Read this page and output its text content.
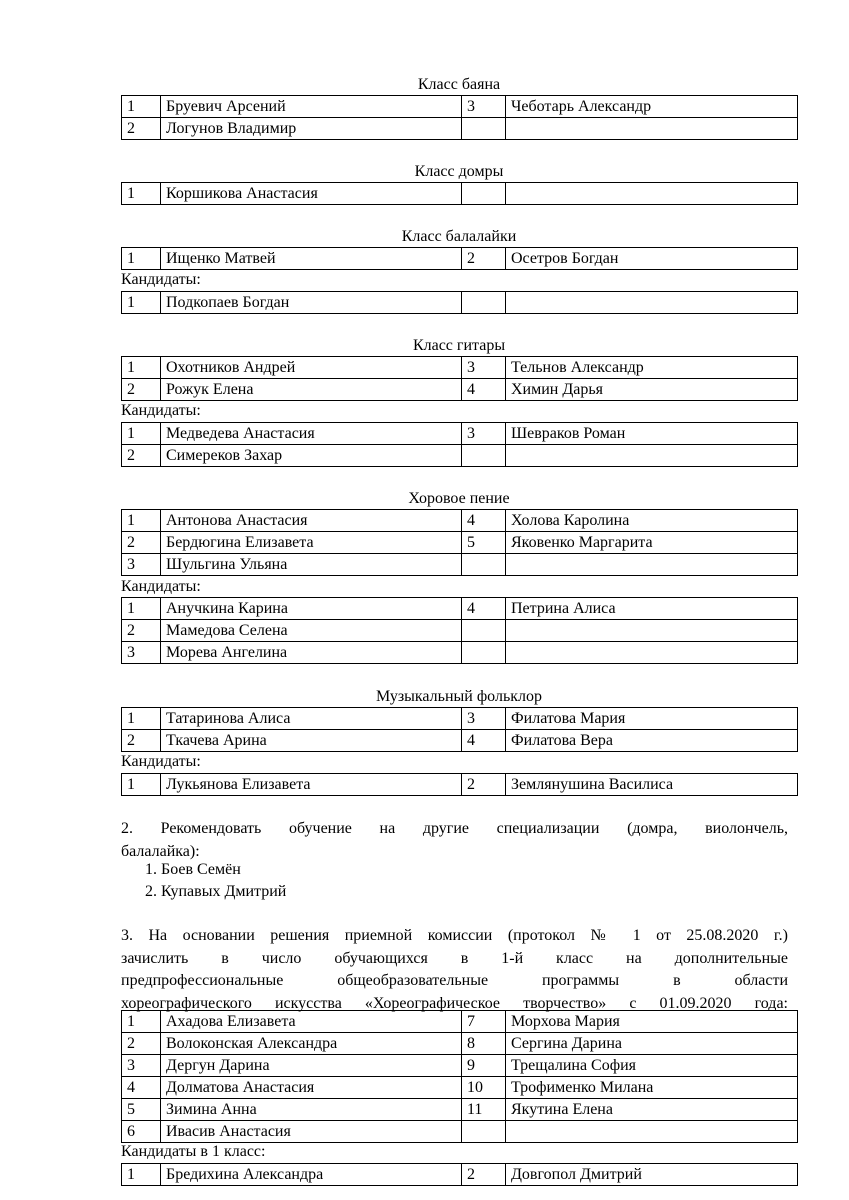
Класс баяна
1	Бруевич Арсений	3	Чеботарь Александр
2	Логунов Владимир		
Класс домры
1	Коршикова Анастасия		
Класс балалайки
1	Ищенко Матвей	2	Осетров Богдан
Кандидаты:
1	Подкопаев Богдан		
Класс гитары
1	Охотников Андрей	3	Тельнов Александр
2	Рожук Елена	4	Химин Дарья
Кандидаты:
1	Медведева Анастасия	3	Шевраков Роман
2	Симереков Захар		
Хоровое пение
1	Антонова Анастасия	4	Холова Каролина
2	Бердюгина Елизавета	5	Яковенко Маргарита
3	Шульгина Ульяна		
Кандидаты:
1	Анучкина Карина	4	Петрина Алиса
2	Мамедова Селена		
3	Морева Ангелина		
Музыкальный фольклор
1	Татаринова Алиса	3	Филатова Мария
2	Ткачева Арина	4	Филатова Вера
Кандидаты:
1	Лукьянова Елизавета	2	Землянушина Василиса
2. Рекомендовать обучение на другие специализации (домра, виолончель,
балалайка):
1. Боев Семён
2. Купавых Дмитрий
3. На основании решения приемной комиссии (протокол № 1 от 25.08.2020 г.)
зачислить в число обучающихся в 1-й класс на дополнительные
предпрофессиональные общеобразовательные программы в области
хореографического искусства «Хореографическое творчество» с 01.09.2020 года:
1	Ахадова Елизавета	7	Морхова Мария
2	Волоконская Александра	8	Сергина Дарина
3	Дергун Дарина	9	Трещалина София
4	Долматова Анастасия	10	Трофименко Милана
5	Зимина Анна	11	Якутина Елена
6	Ивасив Анастасия		
Кандидаты в 1 класс:
1	Бредихина Александра	2	Довгопол Дмитрий
